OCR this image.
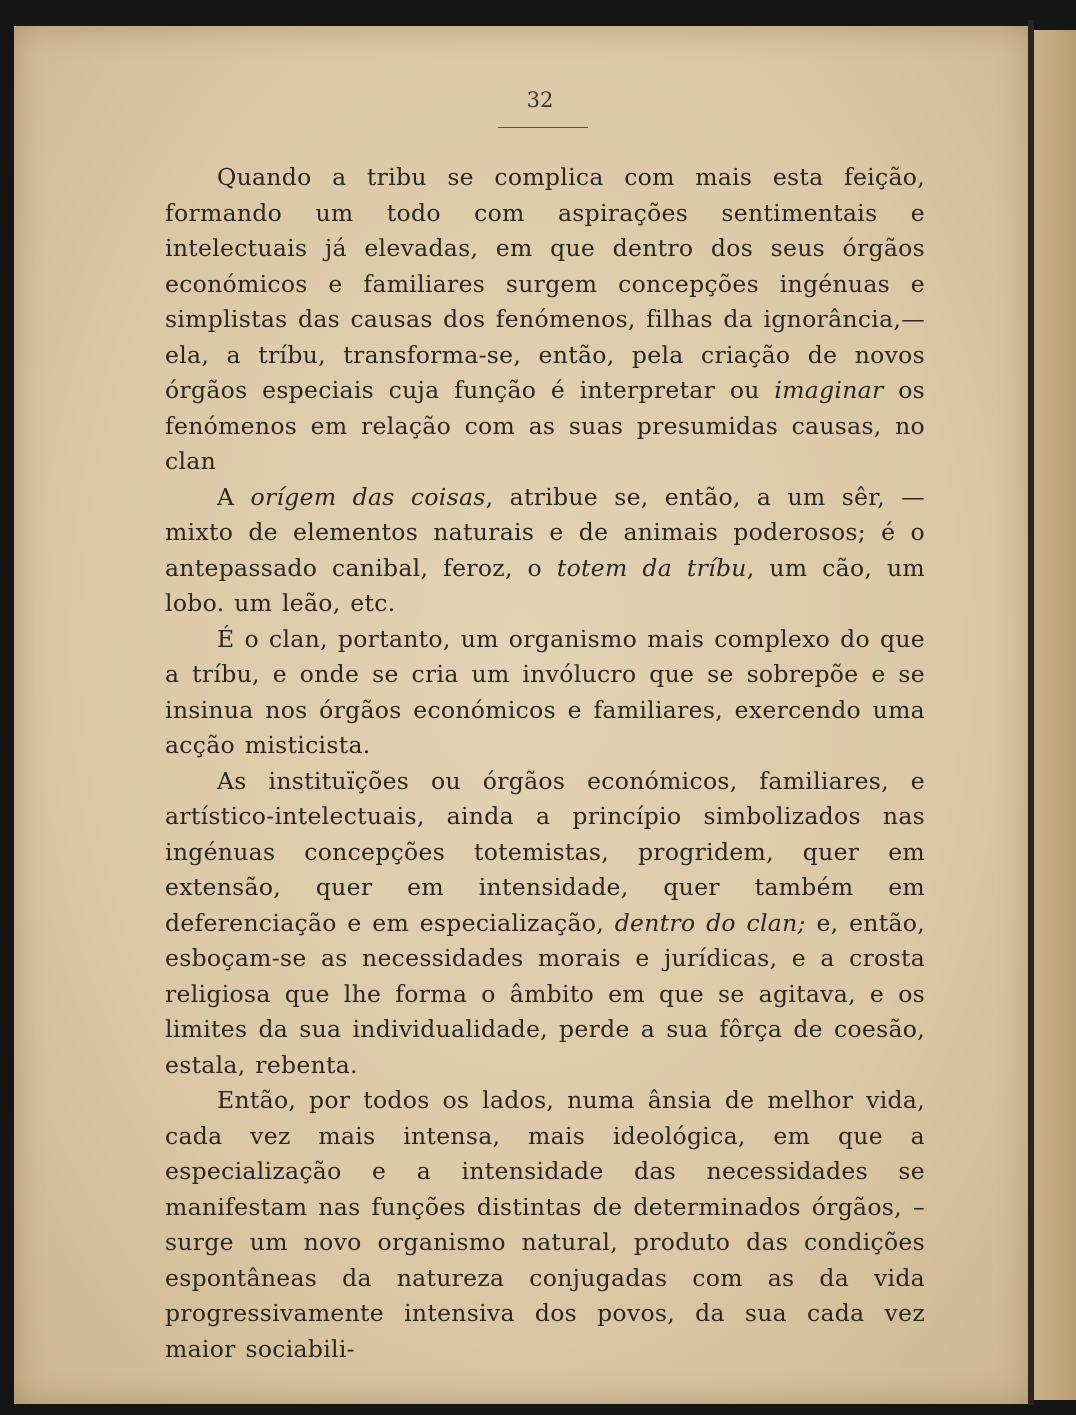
32

Quando a tribu se complica com mais esta feição, formando um todo com aspirações sentimentais e intelectuais já elevadas, em que dentro dos seus órgãos económicos e familiares surgem concepções ingénuas e simplistas das causas dos fenómenos, filhas da ignorância,—ela, a tríbu, transforma-se, então, pela criação de novos órgãos especiais cuja função é interpretar ou imaginar os fenómenos em relação com as suas presumidas causas, no clan

A orígem das coisas, atribue se, então, a um sêr, — mixto de elementos naturais e de animais poderosos; é o antepassado canibal, feroz, o totem da tríbu, um cão, um lobo. um leão, etc.

É o clan, portanto, um organismo mais complexo do que a tríbu, e onde se cria um invólucro que se sobrepõe e se insinua nos órgãos económicos e familiares, exercendo uma acção misticista.

As instituïções ou órgãos económicos, familiares, e artístico-intelectuais, ainda a princípio simbolizados nas ingénuas concepções totemistas, progridem, quer em extensão, quer em intensidade, quer também em deferenciação e em especialização, dentro do clan; e, então, esboçam-se as necessidades morais e jurídicas, e a crosta religiosa que lhe forma o âmbito em que se agitava, e os limites da sua individualidade, perde a sua fôrça de coesão, estala, rebenta.

Então, por todos os lados, numa ânsia de melhor vida, cada vez mais intensa, mais ideológica, em que a especialização e a intensidade das necessidades se manifestam nas funções distintas de determinados órgãos, – surge um novo organismo natural, produto das condições espontâneas da natureza conjugadas com as da vida progressivamente intensiva dos povos, da sua cada vez maior sociabili-
